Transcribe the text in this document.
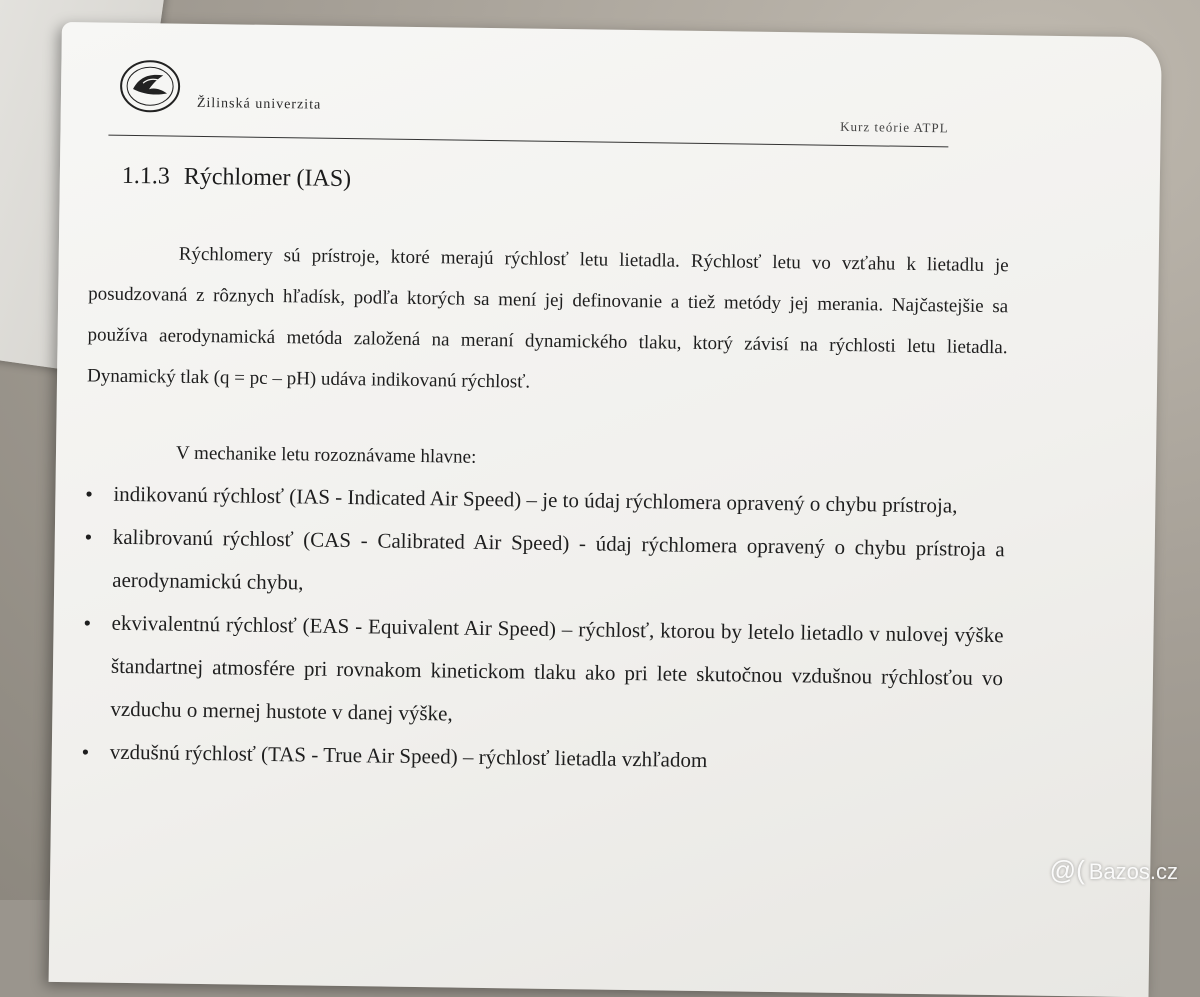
Žilinská univerzita
Kurz teórie ATPL
1.1.3 Rýchlomer (IAS)
Rýchlomery sú prístroje, ktoré merajú rýchlosť letu lietadla. Rýchlosť letu vo vzťahu k lietadlu je posudzovaná z rôznych hľadísk, podľa ktorých sa mení jej definovanie a tiež metódy jej merania. Najčastejšie sa používa aerodynamická metóda založená na meraní dynamického tlaku, ktorý závisí na rýchlosti letu lietadla. Dynamický tlak (q = pc – pH) udáva indikovanú rýchlosť.
V mechanike letu rozoznávame hlavne:
● indikovanú rýchlosť (IAS - Indicated Air Speed) – je to údaj rýchlomera opravený o chybu prístroja,
● kalibrovanú rýchlosť (CAS - Calibrated Air Speed) - údaj rýchlomera opravený o chybu prístroja a aerodynamickú chybu,
● ekvivalentnú rýchlosť (EAS - Equivalent Air Speed) – rýchlosť, ktorou by letelo lietadlo v nulovej výške štandartnej atmosfére pri rovnakom kinetickom tlaku ako pri lete skutočnou vzdušnou rýchlosťou vo vzduchu o mernej hustote v danej výške,
● vzdušnú rýchlosť (TAS - True Air Speed) – rýchlosť lietadla vzhľadom
@( Bazos.cz
